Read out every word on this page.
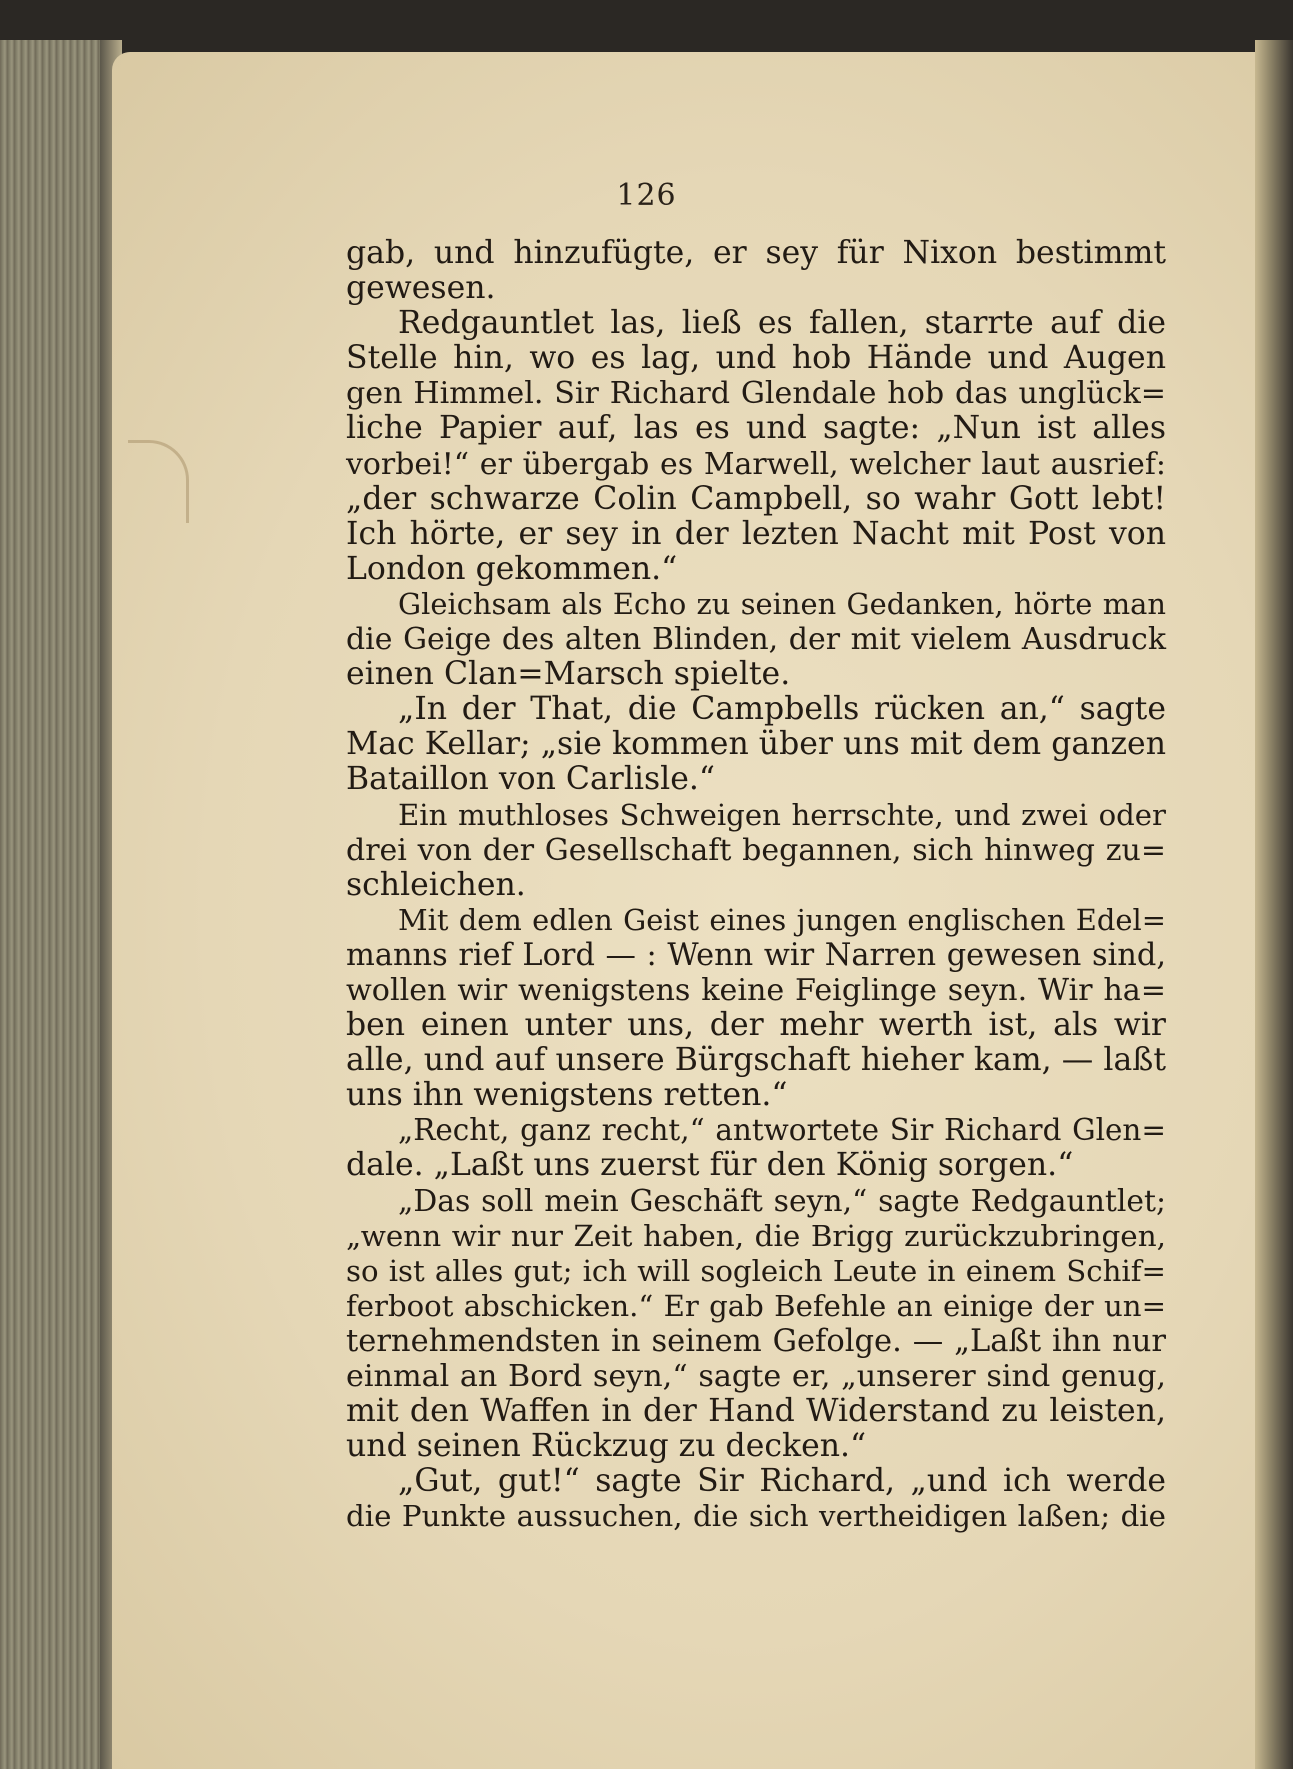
126
gab, und hinzufügte, er sey für Nixon bestimmt
gewesen.
Redgauntlet las, ließ es fallen, starrte auf die
Stelle hin, wo es lag, und hob Hände und Augen
gen Himmel. Sir Richard Glendale hob das unglück=
liche Papier auf, las es und sagte: „Nun ist alles
vorbei!“ er übergab es Marwell, welcher laut ausrief:
„der schwarze Colin Campbell, so wahr Gott lebt!
Ich hörte, er sey in der lezten Nacht mit Post von
London gekommen.“
Gleichsam als Echo zu seinen Gedanken, hörte man
die Geige des alten Blinden, der mit vielem Ausdruck
einen Clan=Marsch spielte.
„In der That, die Campbells rücken an,“ sagte
Mac Kellar; „sie kommen über uns mit dem ganzen
Bataillon von Carlisle.“
Ein muthloses Schweigen herrschte, und zwei oder
drei von der Gesellschaft begannen, sich hinweg zu=
schleichen.
Mit dem edlen Geist eines jungen englischen Edel=
manns rief Lord — : Wenn wir Narren gewesen sind,
wollen wir wenigstens keine Feiglinge seyn. Wir ha=
ben einen unter uns, der mehr werth ist, als wir
alle, und auf unsere Bürgschaft hieher kam, — laßt
uns ihn wenigstens retten.“
„Recht, ganz recht,“ antwortete Sir Richard Glen=
dale. „Laßt uns zuerst für den König sorgen.“
„Das soll mein Geschäft seyn,“ sagte Redgauntlet;
„wenn wir nur Zeit haben, die Brigg zurückzubringen,
so ist alles gut; ich will sogleich Leute in einem Schif=
ferboot abschicken.“ Er gab Befehle an einige der un=
ternehmendsten in seinem Gefolge. — „Laßt ihn nur
einmal an Bord seyn,“ sagte er, „unserer sind genug,
mit den Waffen in der Hand Widerstand zu leisten,
und seinen Rückzug zu decken.“
„Gut, gut!“ sagte Sir Richard, „und ich werde
die Punkte aussuchen, die sich vertheidigen laßen; die
